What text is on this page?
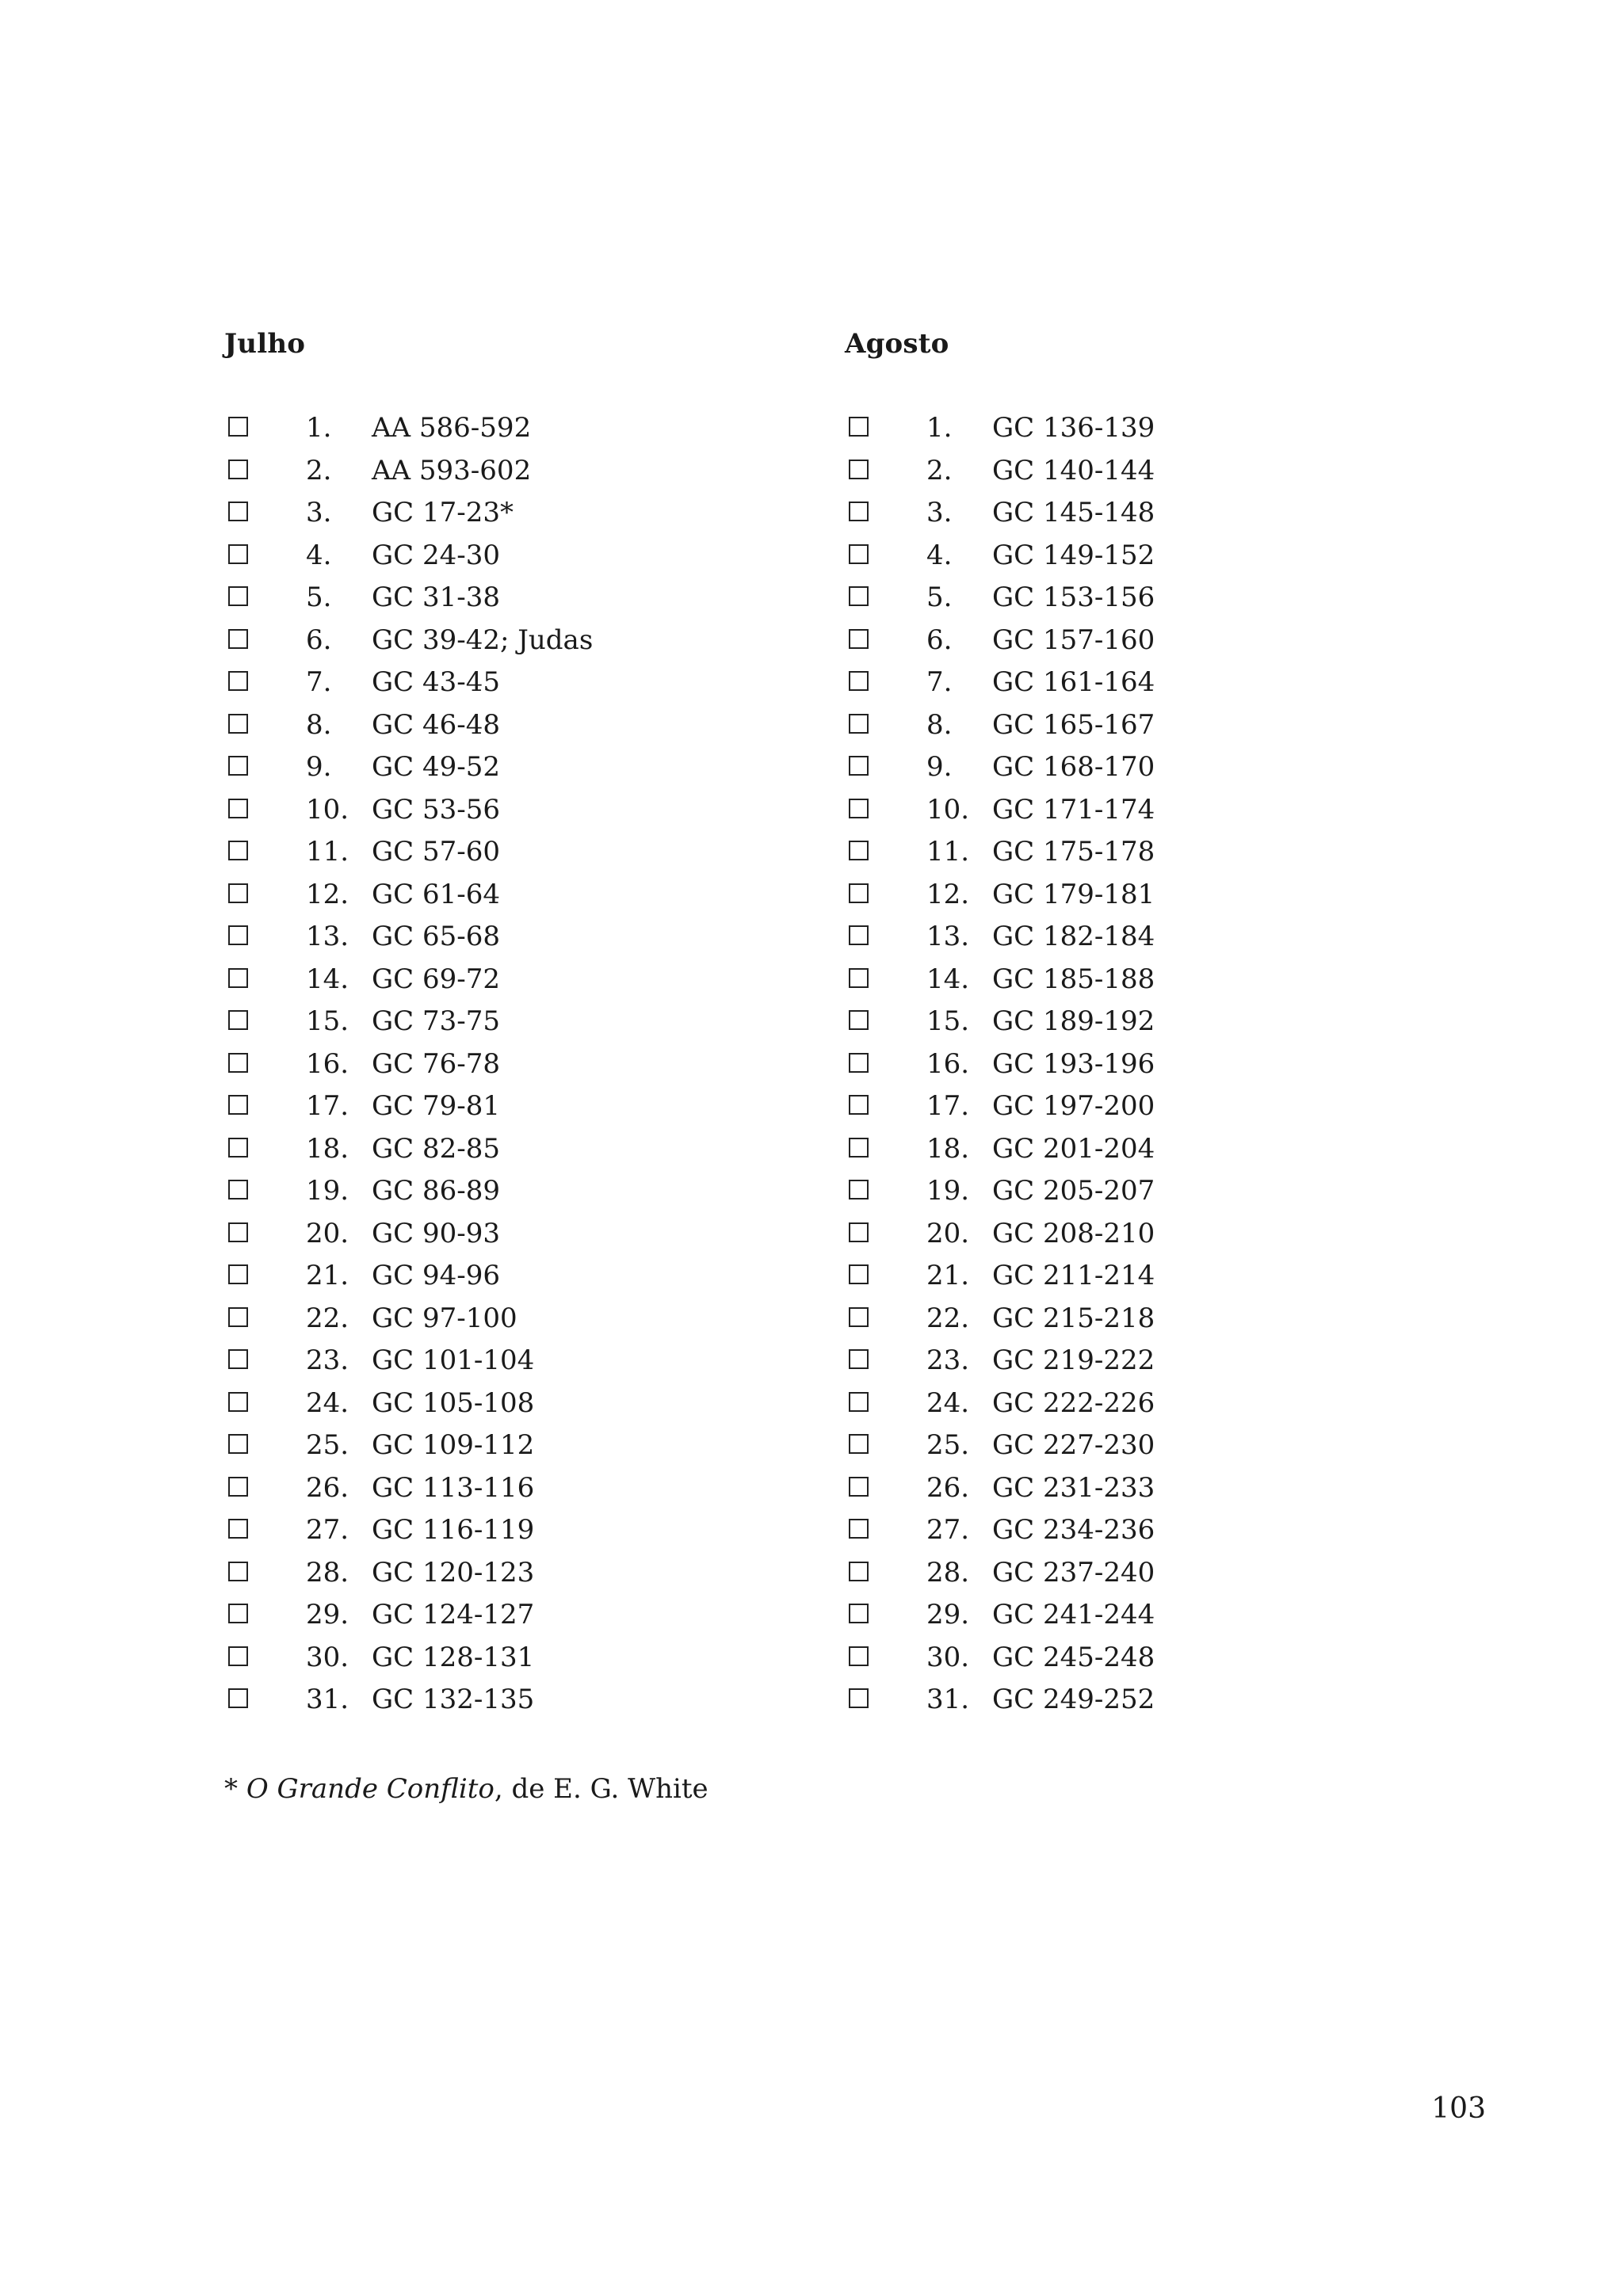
Julho
1. AA 586-592
2. AA 593-602
3. GC 17-23*
4. GC 24-30
5. GC 31-38
6. GC 39-42; Judas
7. GC 43-45
8. GC 46-48
9. GC 49-52
10. GC 53-56
11. GC 57-60
12. GC 61-64
13. GC 65-68
14. GC 69-72
15. GC 73-75
16. GC 76-78
17. GC 79-81
18. GC 82-85
19. GC 86-89
20. GC 90-93
21. GC 94-96
22. GC 97-100
23. GC 101-104
24. GC 105-108
25. GC 109-112
26. GC 113-116
27. GC 116-119
28. GC 120-123
29. GC 124-127
30. GC 128-131
31. GC 132-135
Agosto
1. GC 136-139
2. GC 140-144
3. GC 145-148
4. GC 149-152
5. GC 153-156
6. GC 157-160
7. GC 161-164
8. GC 165-167
9. GC 168-170
10. GC 171-174
11. GC 175-178
12. GC 179-181
13. GC 182-184
14. GC 185-188
15. GC 189-192
16. GC 193-196
17. GC 197-200
18. GC 201-204
19. GC 205-207
20. GC 208-210
21. GC 211-214
22. GC 215-218
23. GC 219-222
24. GC 222-226
25. GC 227-230
26. GC 231-233
27. GC 234-236
28. GC 237-240
29. GC 241-244
30. GC 245-248
31. GC 249-252
* O Grande Conflito, de E. G. White
103
